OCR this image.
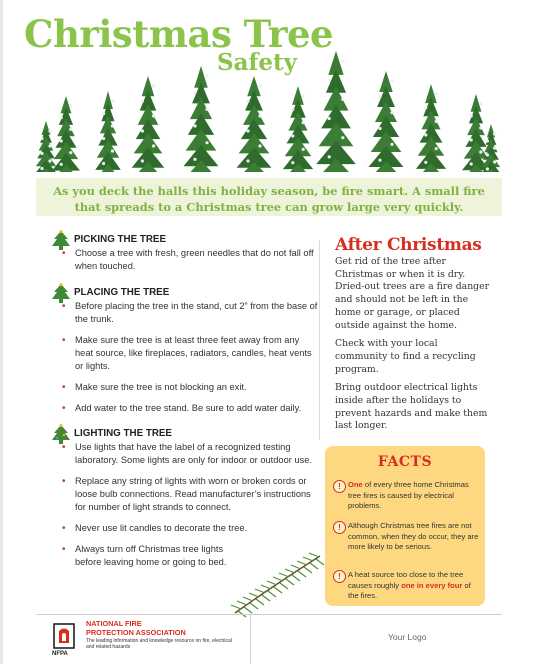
Christmas Tree
Safety

As you deck the halls this holiday season, be fire smart. A small fire that spreads to a Christmas tree can grow large very quickly.

PICKING THE TREE
• Choose a tree with fresh, green needles that do not fall off when touched.
PLACING THE TREE
• Before placing the tree in the stand, cut 2” from the base of the trunk.
• Make sure the tree is at least three feet away from any heat source, like fireplaces, radiators, candles, heat vents or lights.
• Make sure the tree is not blocking an exit.
• Add water to the tree stand. Be sure to add water daily.
LIGHTING THE TREE
• Use lights that have the label of a recognized testing laboratory. Some lights are only for indoor or outdoor use.
• Replace any string of lights with worn or broken cords or loose bulb connections. Read manufacturer’s instructions for number of light strands to connect.
• Never use lit candles to decorate the tree.
• Always turn off Christmas tree lights before leaving home or going to bed.
After Christmas

Get rid of the tree after Christmas or when it is dry. Dried-out trees are a fire danger and should not be left in the home or garage, or placed outside against the home.

Check with your local community to find a recycling program.

Bring outdoor electrical lights inside after the holidays to prevent hazards and make them last longer.

FACTS
! One of every three home Christmas tree fires is caused by electrical problems.

! Although Christmas tree fires are not common, when they do occur, they are more likely to be serious.

! A heat source too close to the tree causes roughly one in every four of the fires.

NFPA

NATIONAL FIRE
PROTECTION ASSOCIATION

The leading information and knowledge resource on fire, electrical and related hazards

Your Logo
